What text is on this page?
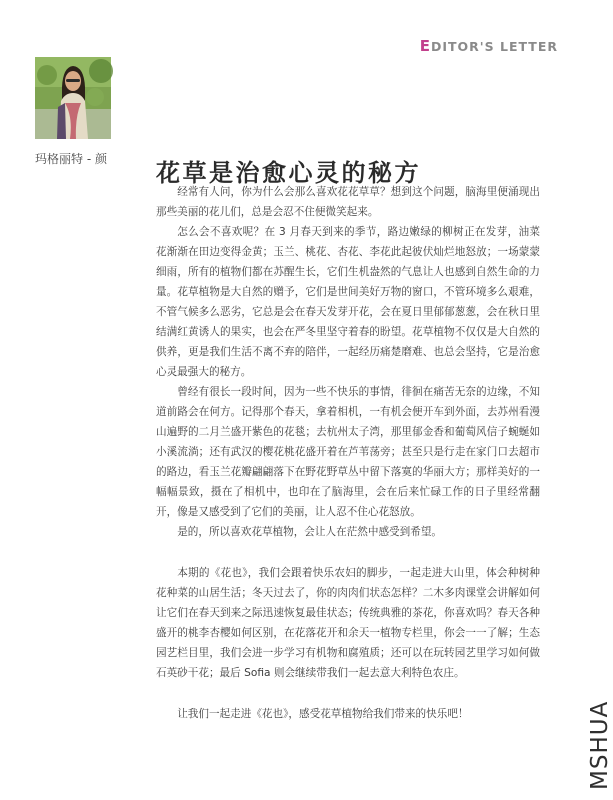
EDITOR'S LETTER
玛格丽特 - 颜 花草是治愈心灵的秘方

经常有人问，你为什么会那么喜欢花花草草？想到这个问题，脑海里便涌现出那些美丽的花儿们，总是会忍不住便微笑起来。

怎么会不喜欢呢？在 3 月春天到来的季节，路边嫩绿的柳树正在发芽，油菜花渐渐在田边变得金黄；玉兰、桃花、杏花、李花此起彼伏灿烂地怒放；一场蒙蒙细雨，所有的植物们都在苏醒生长，它们生机盎然的气息让人也感到自然生命的力量。花草植物是大自然的赠予，它们是世间美好万物的窗口，不管环境多么艰难，不管气候多么恶劣，它总是会在春天发芽开花，会在夏日里郁郁葱葱，会在秋日里结满红黄诱人的果实，也会在严冬里坚守着春的盼望。花草植物不仅仅是大自然的供养，更是我们生活不离不弃的陪伴，一起经历痛楚磨难、也总会坚持，它是治愈心灵最强大的秘方。

曾经有很长一段时间，因为一些不快乐的事情，徘徊在痛苦无奈的边缘，不知道前路会在何方。记得那个春天，拿着相机，一有机会便开车到外面，去苏州看漫山遍野的二月兰盛开紫色的花毯；去杭州太子湾，那里郁金香和葡萄风信子蜿蜒如小溪流淌；还有武汉的樱花桃花盛开着在芦苇荡旁；甚至只是行走在家门口去超市的路边，看玉兰花瓣翩翩落下在野花野草丛中留下落寞的华丽大方；那样美好的一幅幅景致，摄在了相机中，也印在了脑海里，会在后来忙碌工作的日子里经常翻开，像是又感受到了它们的美丽，让人忍不住心花怒放。

是的，所以喜欢花草植物，会让人在茫然中感受到希望。

本期的《花也》，我们会跟着快乐农妇的脚步，一起走进大山里，体会种树种花种菜的山居生活；冬天过去了，你的肉肉们状态怎样？二木多肉课堂会讲解如何让它们在春天到来之际迅速恢复最佳状态；传统典雅的茶花，你喜欢吗？春天各种盛开的桃李杏樱如何区别，在花落花开和余天一植物专栏里，你会一一了解；生态园艺栏目里，我们会进一步学习有机物和腐殖质；还可以在玩转园艺里学习如何做石英砂干花；最后 Sofia 则会继续带我们一起去意大利特色农庄。

让我们一起走进《花也》，感受花草植物给我们带来的快乐吧！	MSHUA
